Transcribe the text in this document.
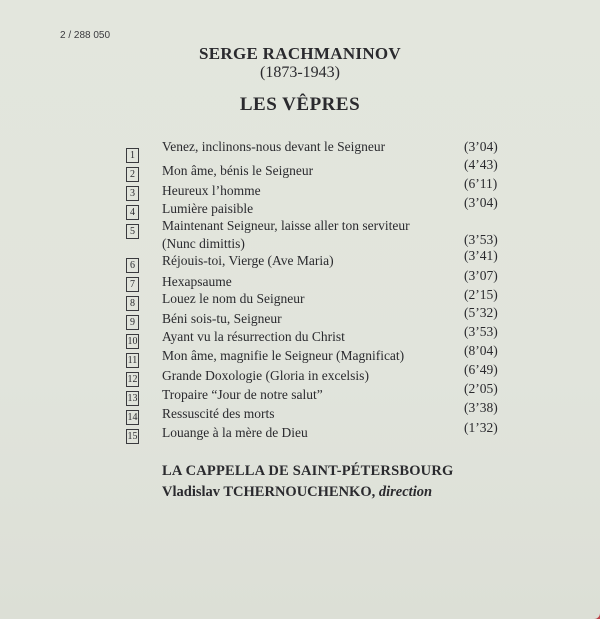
2 / 288 050
SERGE RACHMANINOV
(1873-1943)
LES VÊPRES
1
Venez, inclinons-nous devant le Seigneur	(3’04)
2 Mon âme, bénis le Seigneur	(4’43)
3 Heureux l’homme	(6’11)
4 Lumière paisible	(3’04)
5 Maintenant Seigneur, laisse aller ton serviteur
(Nunc dimittis)	(3’53)
6 Réjouis-toi, Vierge (Ave Maria)	(3’41)
7 Hexapsaume	(3’07)
8 Louez le nom du Seigneur	(2’15)
9 Béni sois-tu, Seigneur	(5’32)
10 Ayant vu la résurrection du Christ	(3’53)
11 Mon âme, magnifie le Seigneur (Magnificat)	(8’04)
12 Grande Doxologie (Gloria in excelsis)	(6’49)
13 Tropaire “Jour de notre salut”	(2’05)
14 Ressuscité des morts	(3’38)
15 Louange à la mère de Dieu	(1’32)
LA CAPPELLA DE SAINT-PÉTERSBOURG
Vladislav TCHERNOUCHENKO, direction
